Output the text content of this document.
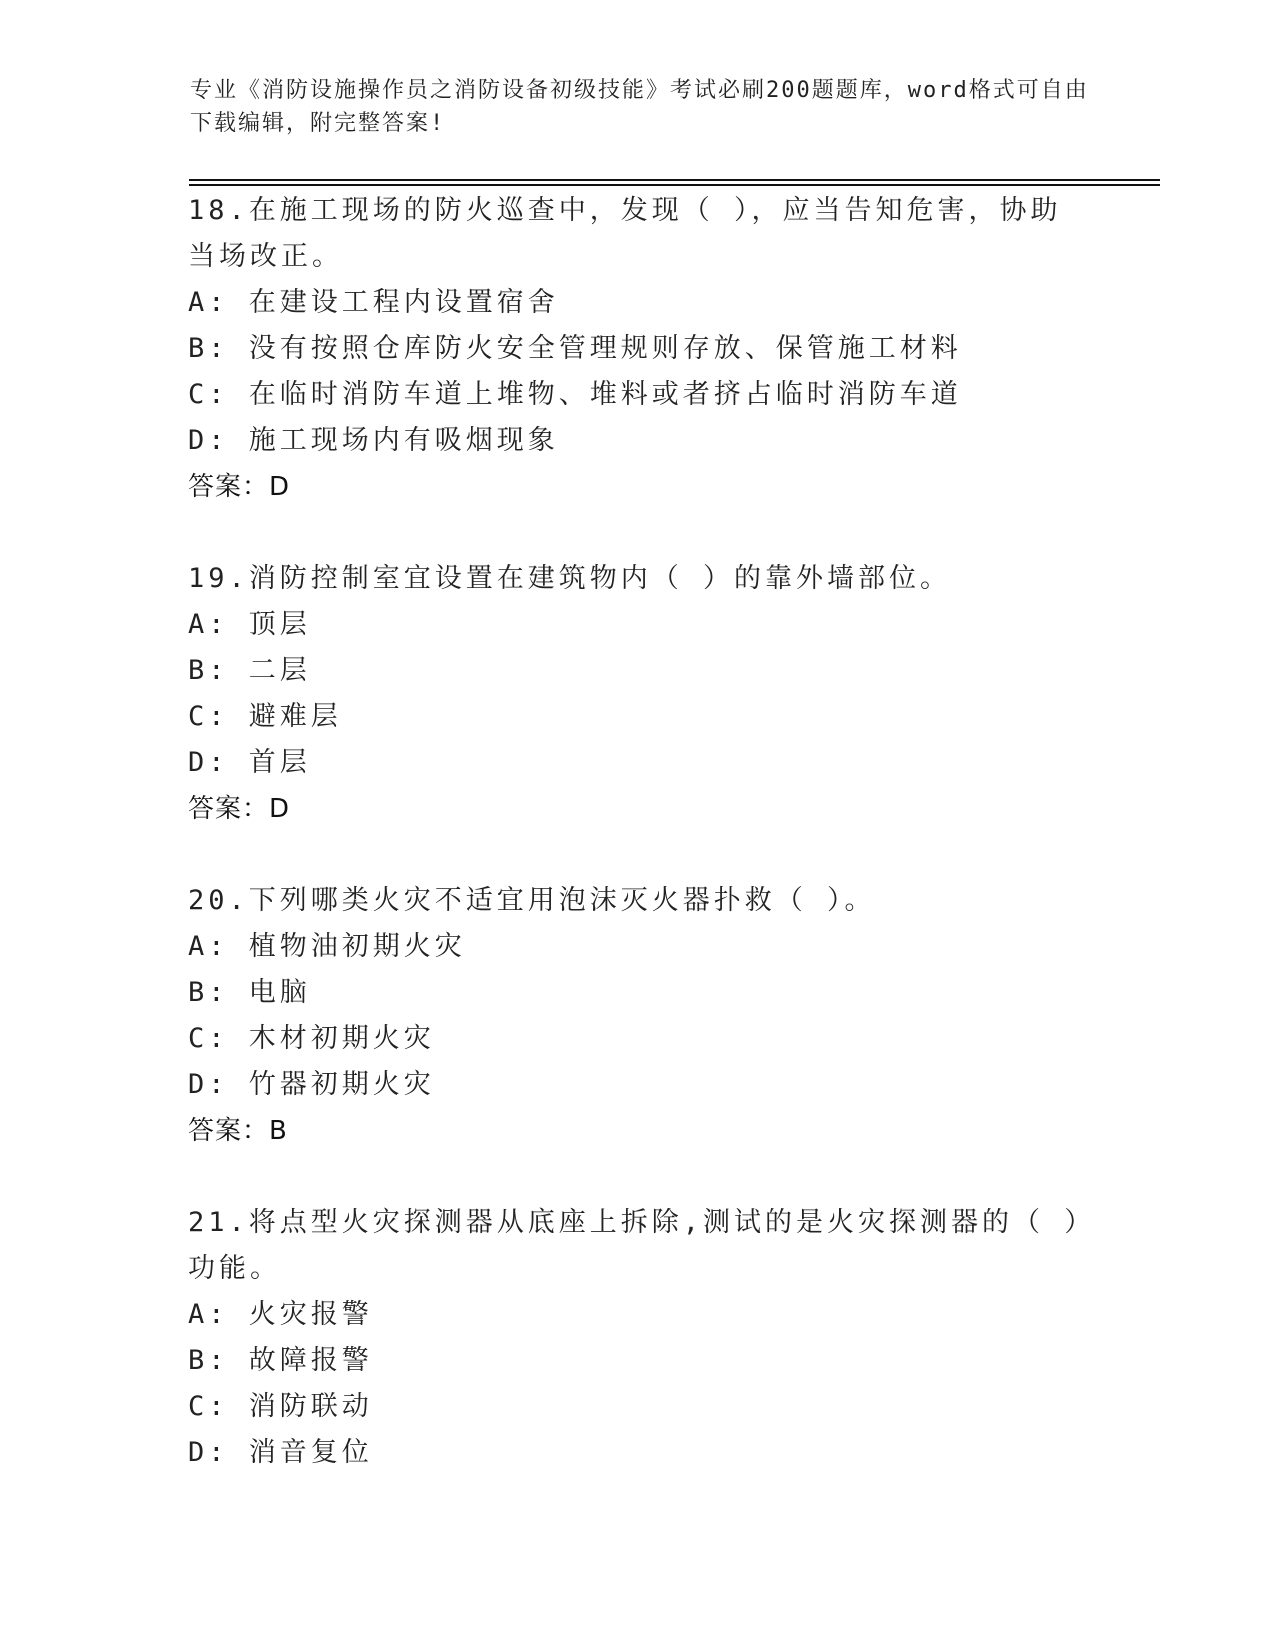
专业《消防设施操作员之消防设备初级技能》考试必刷200题题库，word格式可自由下载编辑，附完整答案!
18.在施工现场的防火巡查中，发现（ ），应当告知危害，协助当场改正。
A: 在建设工程内设置宿舍
B: 没有按照仓库防火安全管理规则存放、保管施工材料
C: 在临时消防车道上堆物、堆料或者挤占临时消防车道
D: 施工现场内有吸烟现象
答案：D
19.消防控制室宜设置在建筑物内（ ）的靠外墙部位。
A: 顶层
B: 二层
C: 避难层
D: 首层
答案：D
20.下列哪类火灾不适宜用泡沫灭火器扑救（ ）。
A: 植物油初期火灾
B: 电脑
C: 木材初期火灾
D: 竹器初期火灾
答案：B
21.将点型火灾探测器从底座上拆除,测试的是火灾探测器的（ ）功能。
A: 火灾报警
B: 故障报警
C: 消防联动
D: 消音复位
